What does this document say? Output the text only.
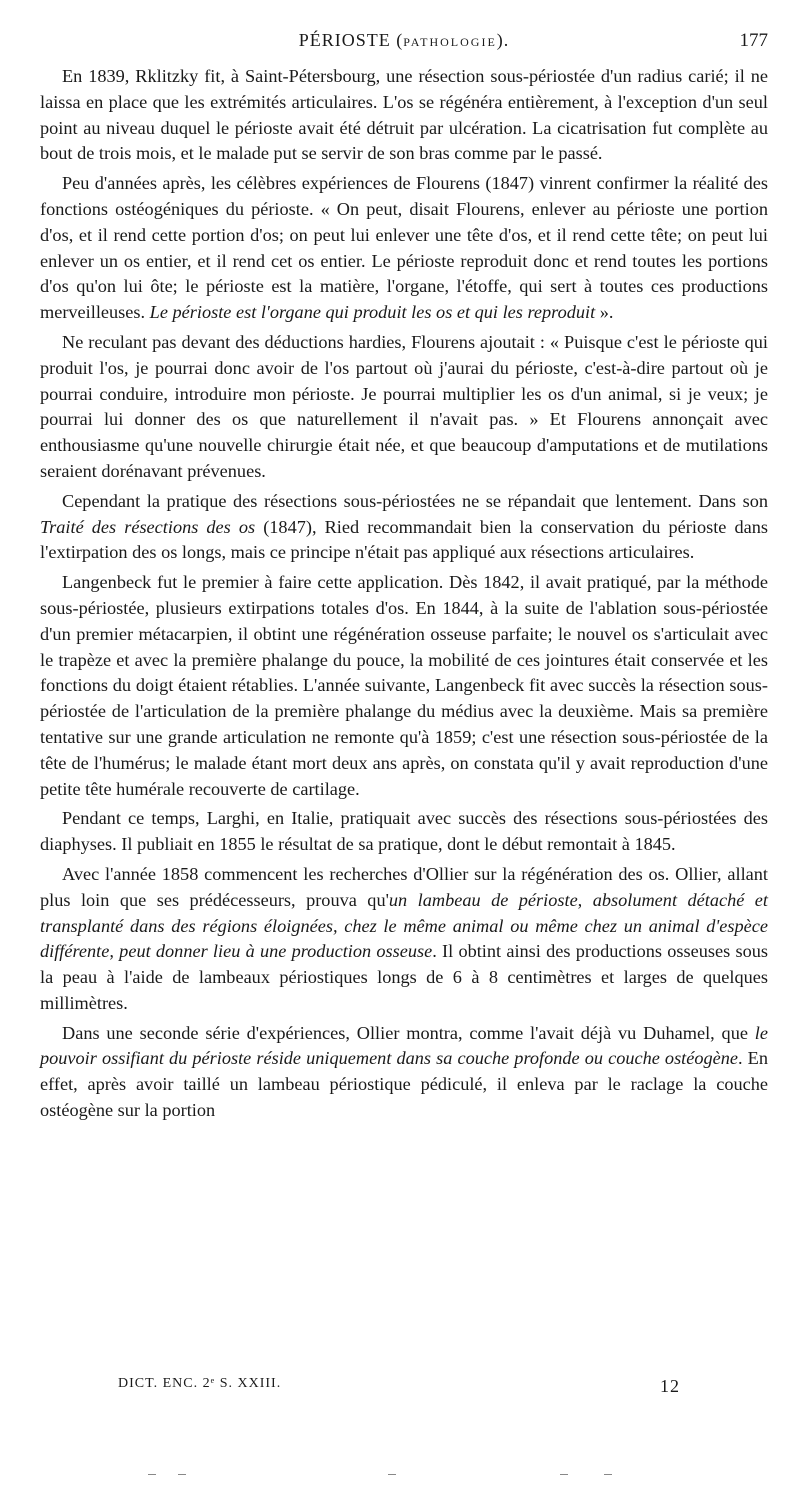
PÉRIOSTE (PATHOLOGIE).	177

En 1839, Rklitzky fit, à Saint-Pétersbourg, une résection sous-périostée d'un radius carié; il ne laissa en place que les extrémités articulaires. L'os se régénéra entièrement, à l'exception d'un seul point au niveau duquel le périoste avait été détruit par ulcération. La cicatrisation fut complète au bout de trois mois, et le malade put se servir de son bras comme par le passé.

Peu d'années après, les célèbres expériences de Flourens (1847) vinrent confirmer la réalité des fonctions ostéogéniques du périoste. « On peut, disait Flourens, enlever au périoste une portion d'os, et il rend cette portion d'os; on peut lui enlever une tête d'os, et il rend cette tête; on peut lui enlever un os entier, et il rend cet os entier. Le périoste reproduit donc et rend toutes les portions d'os qu'on lui ôte; le périoste est la matière, l'organe, l'étoffe, qui sert à toutes ces productions merveilleuses. Le périoste est l'organe qui produit les os et qui les reproduit ».

Ne reculant pas devant des déductions hardies, Flourens ajoutait : « Puisque c'est le périoste qui produit l'os, je pourrai donc avoir de l'os partout où j'aurai du périoste, c'est-à-dire partout où je pourrai conduire, introduire mon périoste. Je pourrai multiplier les os d'un animal, si je veux; je pourrai lui donner des os que naturellement il n'avait pas. » Et Flourens annonçait avec enthousiasme qu'une nouvelle chirurgie était née, et que beaucoup d'amputations et de mutilations seraient dorénavant prévenues.

Cependant la pratique des résections sous-périostées ne se répandait que lentement. Dans son Traité des résections des os (1847), Ried recommandait bien la conservation du périoste dans l'extirpation des os longs, mais ce principe n'était pas appliqué aux résections articulaires.

Langenbeck fut le premier à faire cette application. Dès 1842, il avait pratiqué, par la méthode sous-périostée, plusieurs extirpations totales d'os. En 1844, à la suite de l'ablation sous-périostée d'un premier métacarpien, il obtint une régénération osseuse parfaite; le nouvel os s'articulait avec le trapèze et avec la première phalange du pouce, la mobilité de ces jointures était conservée et les fonctions du doigt étaient rétablies. L'année suivante, Langenbeck fit avec succès la résection sous-périostée de l'articulation de la première phalange du médius avec la deuxième. Mais sa première tentative sur une grande articulation ne remonte qu'à 1859; c'est une résection sous-périostée de la tête de l'humérus; le malade étant mort deux ans après, on constata qu'il y avait reproduction d'une petite tête humérale recouverte de cartilage.

Pendant ce temps, Larghi, en Italie, pratiquait avec succès des résections sous-périostées des diaphyses. Il publiait en 1855 le résultat de sa pratique, dont le début remontait à 1845.

Avec l'année 1858 commencent les recherches d'Ollier sur la régénération des os. Ollier, allant plus loin que ses prédécesseurs, prouva qu'un lambeau de périoste, absolument détaché et transplanté dans des régions éloignées, chez le même animal ou même chez un animal d'espèce différente, peut donner lieu à une production osseuse. Il obtint ainsi des productions osseuses sous la peau à l'aide de lambeaux périostiques longs de 6 à 8 centimètres et larges de quelques millimètres.

Dans une seconde série d'expériences, Ollier montra, comme l'avait déjà vu Duhamel, que le pouvoir ossifiant du périoste réside uniquement dans sa couche profonde ou couche ostéogène. En effet, après avoir taillé un lambeau périostique pédiculé, il enleva par le raclage la couche ostéogène sur la portion

DICT. ENC. 2ᵉ S. XXIII.	12
